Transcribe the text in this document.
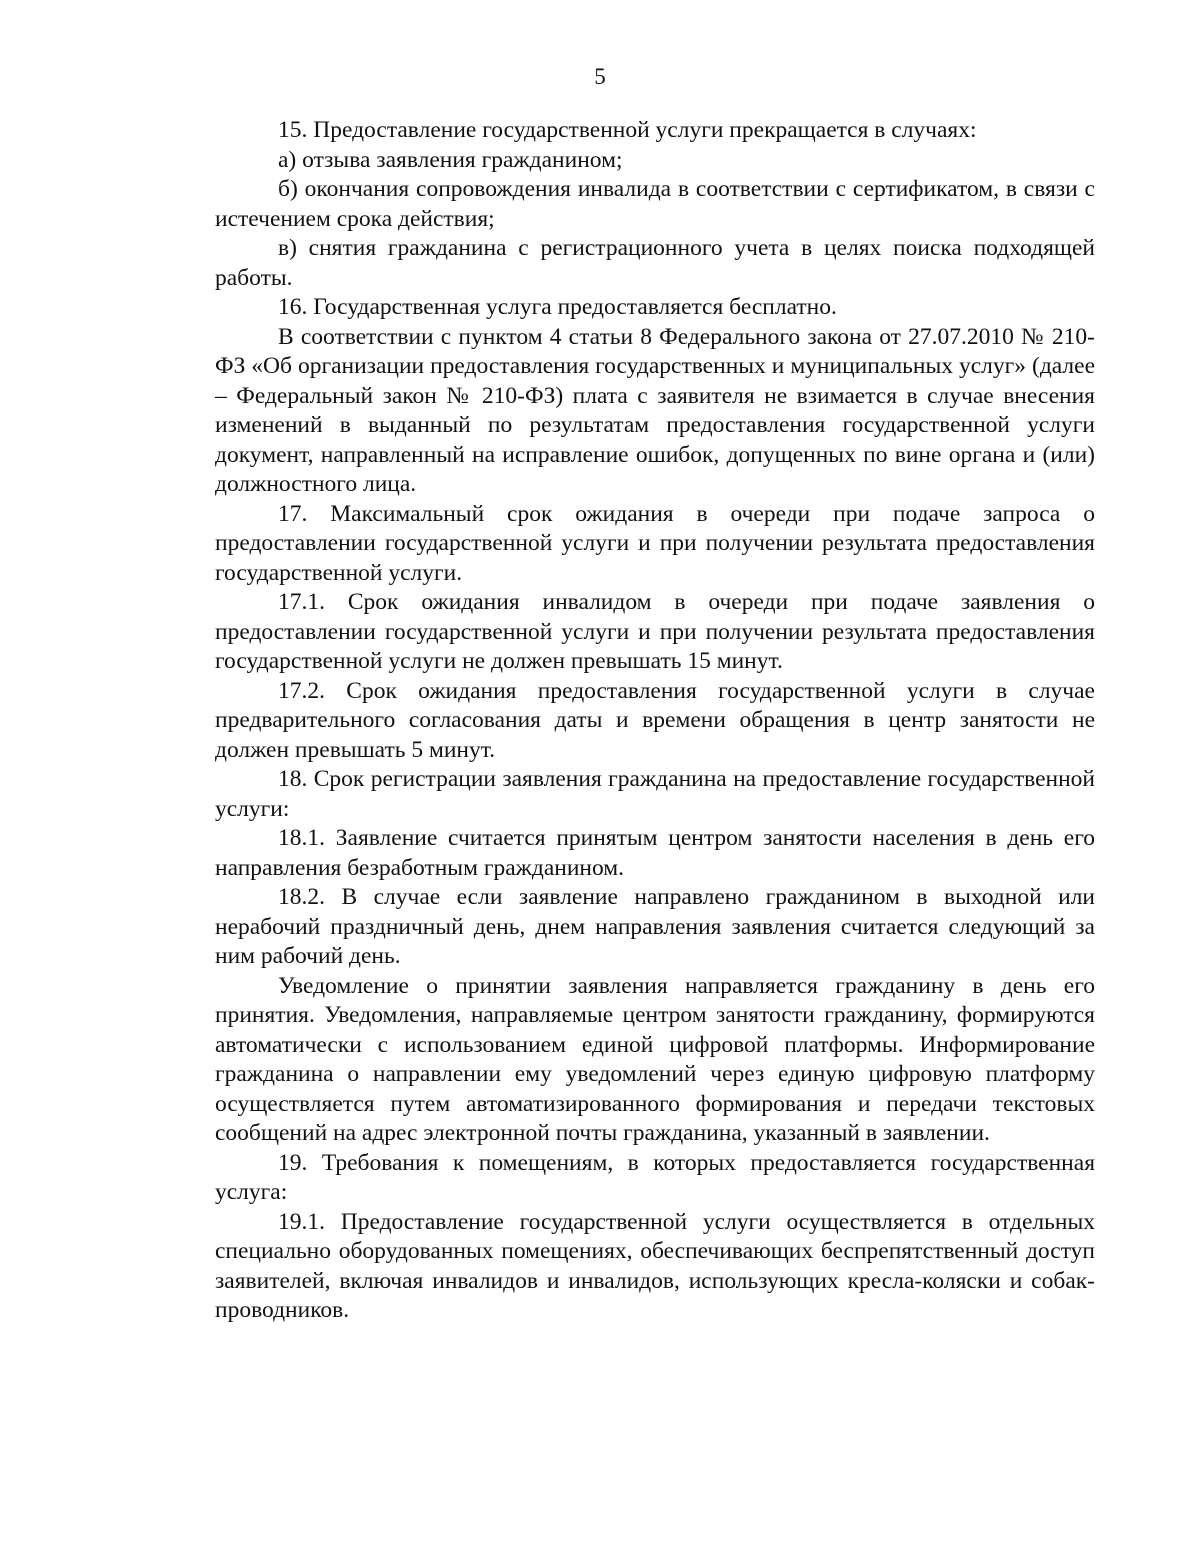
5

15. Предоставление государственной услуги прекращается в случаях:

а) отзыва заявления гражданином;

б) окончания сопровождения инвалида в соответствии с сертификатом, в связи с истечением срока действия;

в) снятия гражданина с регистрационного учета в целях поиска подходящей работы.

16. Государственная услуга предоставляется бесплатно.

В соответствии с пунктом 4 статьи 8 Федерального закона от 27.07.2010 № 210-ФЗ «Об организации предоставления государственных и муниципальных услуг» (далее – Федеральный закон № 210-ФЗ) плата с заявителя не взимается в случае внесения изменений в выданный по результатам предоставления государственной услуги документ, направленный на исправление ошибок, допущенных по вине органа и (или) должностного лица.

17. Максимальный срок ожидания в очереди при подаче запроса о предоставлении государственной услуги и при получении результата предоставления государственной услуги.

17.1. Срок ожидания инвалидом в очереди при подаче заявления о предоставлении государственной услуги и при получении результата предоставления государственной услуги не должен превышать 15 минут.

17.2. Срок ожидания предоставления государственной услуги в случае предварительного согласования даты и времени обращения в центр занятости не должен превышать 5 минут.

18. Срок регистрации заявления гражданина на предоставление государственной услуги:

18.1. Заявление считается принятым центром занятости населения в день его направления безработным гражданином.

18.2. В случае если заявление направлено гражданином в выходной или нерабочий праздничный день, днем направления заявления считается следующий за ним рабочий день.

Уведомление о принятии заявления направляется гражданину в день его принятия. Уведомления, направляемые центром занятости гражданину, формируются автоматически с использованием единой цифровой платформы. Информирование гражданина о направлении ему уведомлений через единую цифровую платформу осуществляется путем автоматизированного формирования и передачи текстовых сообщений на адрес электронной почты гражданина, указанный в заявлении.

19. Требования к помещениям, в которых предоставляется государственная услуга:

19.1. Предоставление государственной услуги осуществляется в отдельных специально оборудованных помещениях, обеспечивающих беспрепятственный доступ заявителей, включая инвалидов и инвалидов, использующих кресла-коляски и собак-проводников.
